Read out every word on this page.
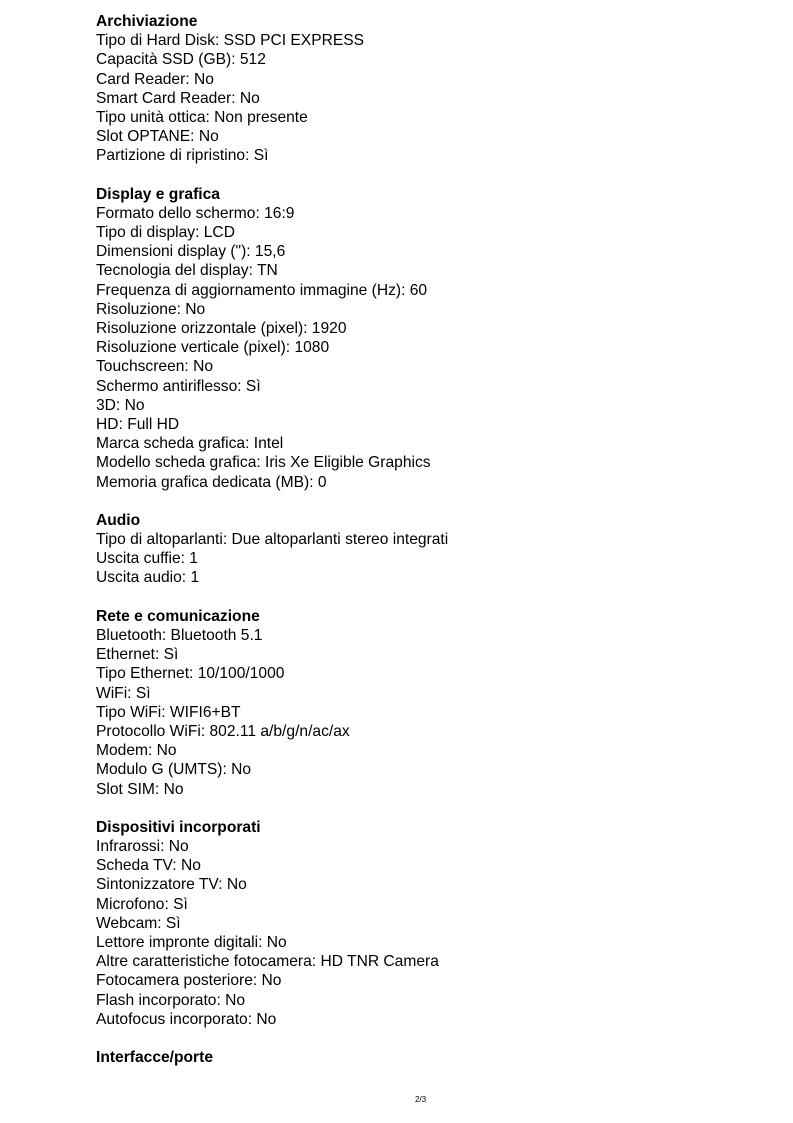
Archiviazione
Tipo di Hard Disk: SSD PCI EXPRESS
Capacità SSD (GB): 512
Card Reader: No
Smart Card Reader: No
Tipo unità ottica: Non presente
Slot OPTANE: No
Partizione di ripristino: Sì
Display e grafica
Formato dello schermo: 16:9
Tipo di display: LCD
Dimensioni display ("): 15,6
Tecnologia del display: TN
Frequenza di aggiornamento immagine (Hz): 60
Risoluzione: No
Risoluzione orizzontale (pixel): 1920
Risoluzione verticale (pixel): 1080
Touchscreen: No
Schermo antiriflesso: Sì
3D: No
HD: Full HD
Marca scheda grafica: Intel
Modello scheda grafica: Iris Xe Eligible Graphics
Memoria grafica dedicata (MB): 0
Audio
Tipo di altoparlanti: Due altoparlanti stereo integrati
Uscita cuffie: 1
Uscita audio: 1
Rete e comunicazione
Bluetooth: Bluetooth 5.1
Ethernet: Sì
Tipo Ethernet: 10/100/1000
WiFi: Sì
Tipo WiFi: WIFI6+BT
Protocollo WiFi: 802.11 a/b/g/n/ac/ax
Modem: No
Modulo G (UMTS): No
Slot SIM: No
Dispositivi incorporati
Infrarossi: No
Scheda TV: No
Sintonizzatore TV: No
Microfono: Sì
Webcam: Sì
Lettore impronte digitali: No
Altre caratteristiche fotocamera: HD TNR Camera
Fotocamera posteriore: No
Flash incorporato: No
Autofocus incorporato: No
Interfacce/porte
2/3
